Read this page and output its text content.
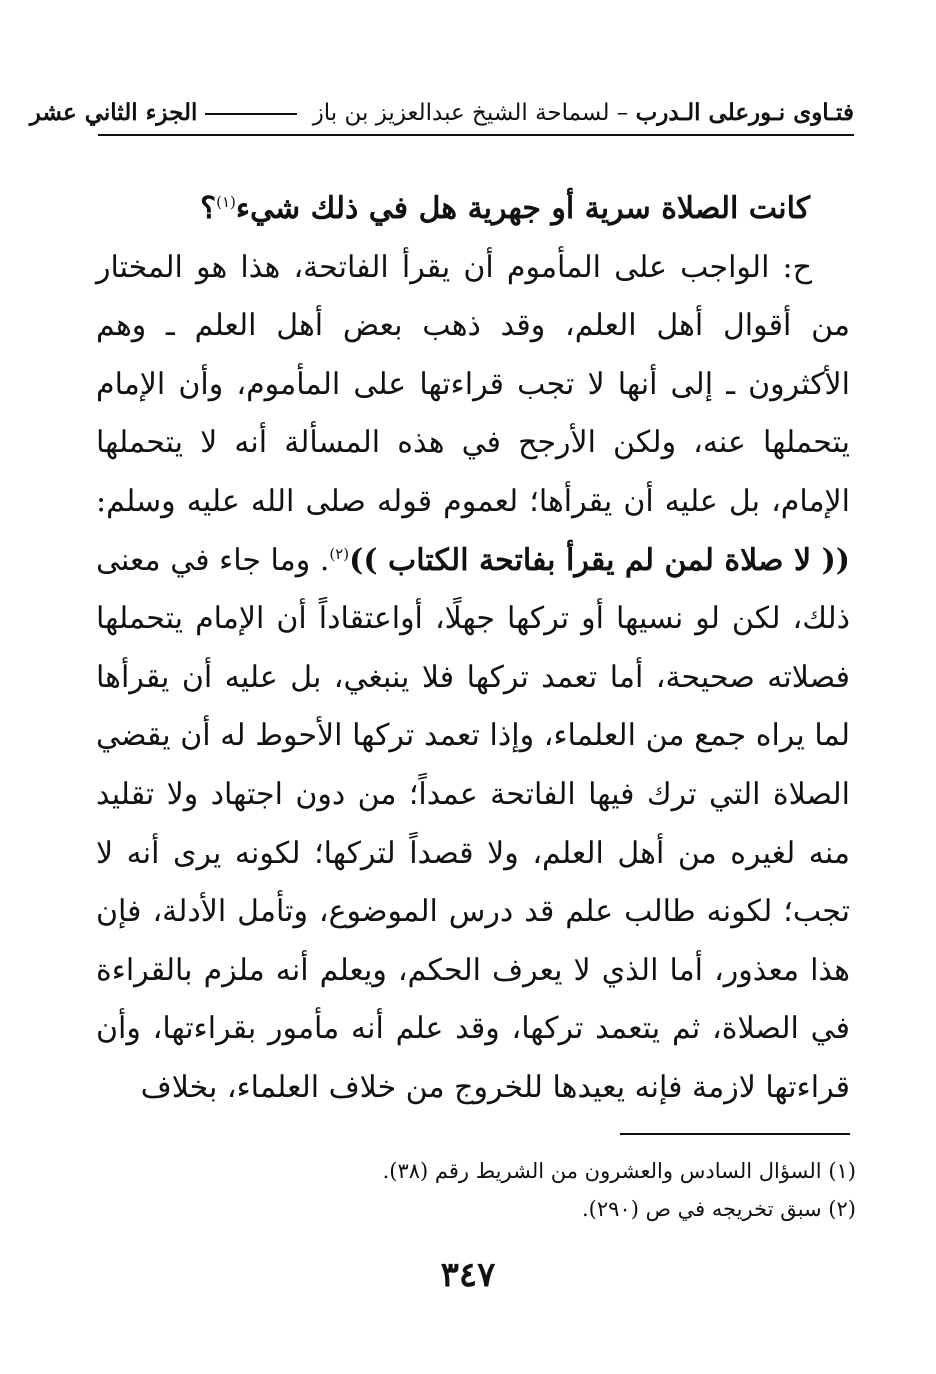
فتـاوى نـورعلى الـدرب – لسماحة الشيخ عبدالعزيز بن باز
الجزء الثاني عشر

كانت الصلاة سرية أو جهرية هل في ذلك شيء$^{(١)}$؟

ح: الواجب على المأموم أن يقرأ الفاتحة، هذا هو المختار من أقوال أهل العلم، وقد ذهب بعض أهل العلم ـ وهم الأكثرون ـ إلى أنها لا تجب قراءتها على المأموم، وأن الإمام يتحملها عنه، ولكن الأرجح في هذه المسألة أنه لا يتحملها الإمام، بل عليه أن يقرأها؛ لعموم قوله صلى الله عليه وسلم: (( لا صلاة لمن لم يقرأ بفاتحة الكتاب ))$^{(٢)}$. وما جاء في معنى ذلك، لكن لو نسيها أو تركها جهلًا، أواعتقاداً أن الإمام يتحملها فصلاته صحيحة، أما تعمد تركها فلا ينبغي، بل عليه أن يقرأها لما يراه جمع من العلماء، وإذا تعمد تركها الأحوط له أن يقضي الصلاة التي ترك فيها الفاتحة عمداً؛ من دون اجتهاد ولا تقليد منه لغيره من أهل العلم، ولا قصداً لتركها؛ لكونه يرى أنه لا تجب؛ لكونه طالب علم قد درس الموضوع، وتأمل الأدلة، فإن هذا معذور، أما الذي لا يعرف الحكم، ويعلم أنه ملزم بالقراءة في الصلاة، ثم يتعمد تركها، وقد علم أنه مأمور بقراءتها، وأن قراءتها لازمة فإنه يعيدها للخروج من خلاف العلماء، بخلاف

(١) السؤال السادس والعشرون من الشريط رقم (٣٨).
(٢) سبق تخريجه في ص (٢٩٠).
٣٤٧
